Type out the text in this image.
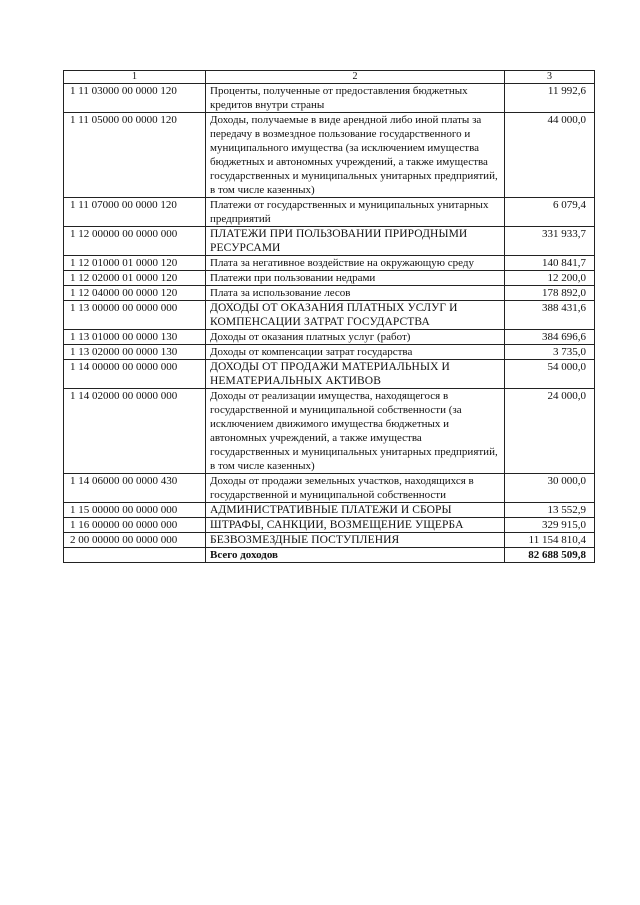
1	2	3
1 11 03000 00 0000 120	Проценты, полученные от предоставления бюджетных кредитов внутри страны	11 992,6
1 11 05000 00 0000 120	Доходы, получаемые в виде арендной либо иной платы за передачу в возмездное пользование государственного и муниципального имущества (за исключением имущества бюджетных и автономных учреждений, а также имущества государственных и муниципальных унитарных предприятий, в том числе казенных)	44 000,0
1 11 07000 00 0000 120	Платежи от государственных и муниципальных унитарных предприятий	6 079,4
1 12 00000 00 0000 000	ПЛАТЕЖИ ПРИ ПОЛЬЗОВАНИИ ПРИРОДНЫМИ РЕСУРСАМИ	331 933,7
1 12 01000 01 0000 120	Плата за негативное воздействие на окружающую среду	140 841,7
1 12 02000 01 0000 120	Платежи при пользовании недрами	12 200,0
1 12 04000 00 0000 120	Плата за использование лесов	178 892,0
1 13 00000 00 0000 000	ДОХОДЫ ОТ ОКАЗАНИЯ ПЛАТНЫХ УСЛУГ И КОМПЕНСАЦИИ ЗАТРАТ ГОСУДАРСТВА	388 431,6
1 13 01000 00 0000 130	Доходы от оказания платных услуг (работ)	384 696,6
1 13 02000 00 0000 130	Доходы от компенсации затрат государства	3 735,0
1 14 00000 00 0000 000	ДОХОДЫ ОТ ПРОДАЖИ МАТЕРИАЛЬНЫХ И НЕМАТЕРИАЛЬНЫХ АКТИВОВ	54 000,0
1 14 02000 00 0000 000	Доходы от реализации имущества, находящегося в государственной и муниципальной собственности (за исключением движимого имущества бюджетных и автономных учреждений, а также имущества государственных и муниципальных унитарных предприятий, в том числе казенных)	24 000,0
1 14 06000 00 0000 430	Доходы от продажи земельных участков, находящихся в государственной и муниципальной собственности	30 000,0
1 15 00000 00 0000 000	АДМИНИСТРАТИВНЫЕ ПЛАТЕЖИ И СБОРЫ	13 552,9
1 16 00000 00 0000 000	ШТРАФЫ, САНКЦИИ, ВОЗМЕЩЕНИЕ УЩЕРБА	329 915,0
2 00 00000 00 0000 000	БЕЗВОЗМЕЗДНЫЕ ПОСТУПЛЕНИЯ	11 154 810,4
	Всего доходов	82 688 509,8
